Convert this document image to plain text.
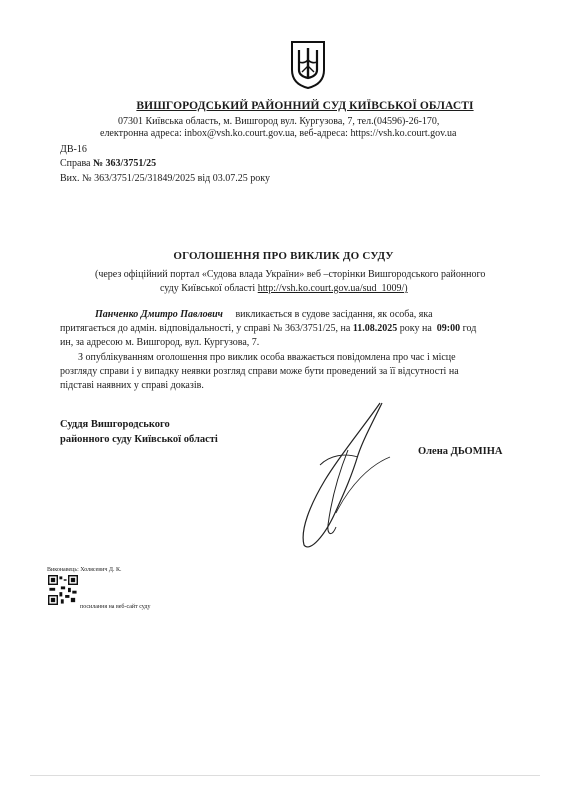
ВИШГОРОДСЬКИЙ РАЙОННИЙ СУД КИЇВСЬКОЇ ОБЛАСТІ
07301 Київська область, м. Вишгород вул. Кургузова, 7, тел.(04596)-26-170,
електронна адреса: inbox@vsh.ko.court.gov.ua, веб-адреса: https://vsh.ko.court.gov.ua
ДВ-16
Справа № 363/3751/25
Вих. № 363/3751/25/31849/2025 від 03.07.25 року
ОГОЛОШЕННЯ ПРО ВИКЛИК ДО СУДУ
(через офіційний портал «Судова влада України» веб –сторінки Вишгородського районного
суду Київської області http://vsh.ko.court.gov.ua/sud_1009/)
Панченко Дмитро Павлович викликається в судове засідання, як особа, яка
притягається до адмін. відповідальності, у справі № 363/3751/25, на 11.08.2025 року на 09:00 год
ин, за адресою м. Вишгород, вул. Кургузова, 7.
З опублікуванням оголошення про виклик особа вважається повідомлена про час і місце
розгляду справи і у випадку неявки розгляд справи може бути проведений за її відсутності на
підставі наявних у справі доказів.
Суддя Вишгородського
районного суду Київської області
Олена ДЬОМІНА
Виконавець: Холясевич Д. К.
посилання на веб-сайт суду
